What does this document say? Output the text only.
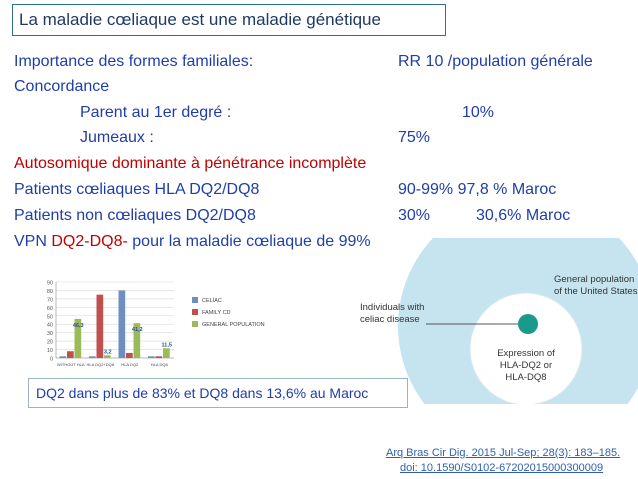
La maladie cœliaque est une maladie génétique
Importance des formes familiales:	RR 10 /population générale
Concordance
Parent au 1er degré :	10%
Jumeaux :	75%
Autosomique dominante à pénétrance incomplète
Patients cœliaques HLA DQ2/DQ8	90-99% 97,8 % Maroc
Patients non cœliaques DQ2/DQ8	30%	30,6% Maroc
VPN DQ2-DQ8- pour la maladie cœliaque de 99%
0
10
20
30
40
50
60
70
80
90
46,3
WITHOUT HLA
3,2
HLA DQ2+DQ8
41,2
HLA DQ2
11,5
HLA DQ8
CELÍAC
FAMILY CD
GENERAL POPULATION
General population
of the United States
Individuals with
celiac disease
Expression of
HLA-DQ2 or
HLA-DQ8
DQ2 dans plus de 83% et DQ8 dans 13,6% au Maroc
Arq Bras Cir Dig. 2015 Jul-Sep; 28(3): 183–185.
doi: 10.1590/S0102-67202015000300009
